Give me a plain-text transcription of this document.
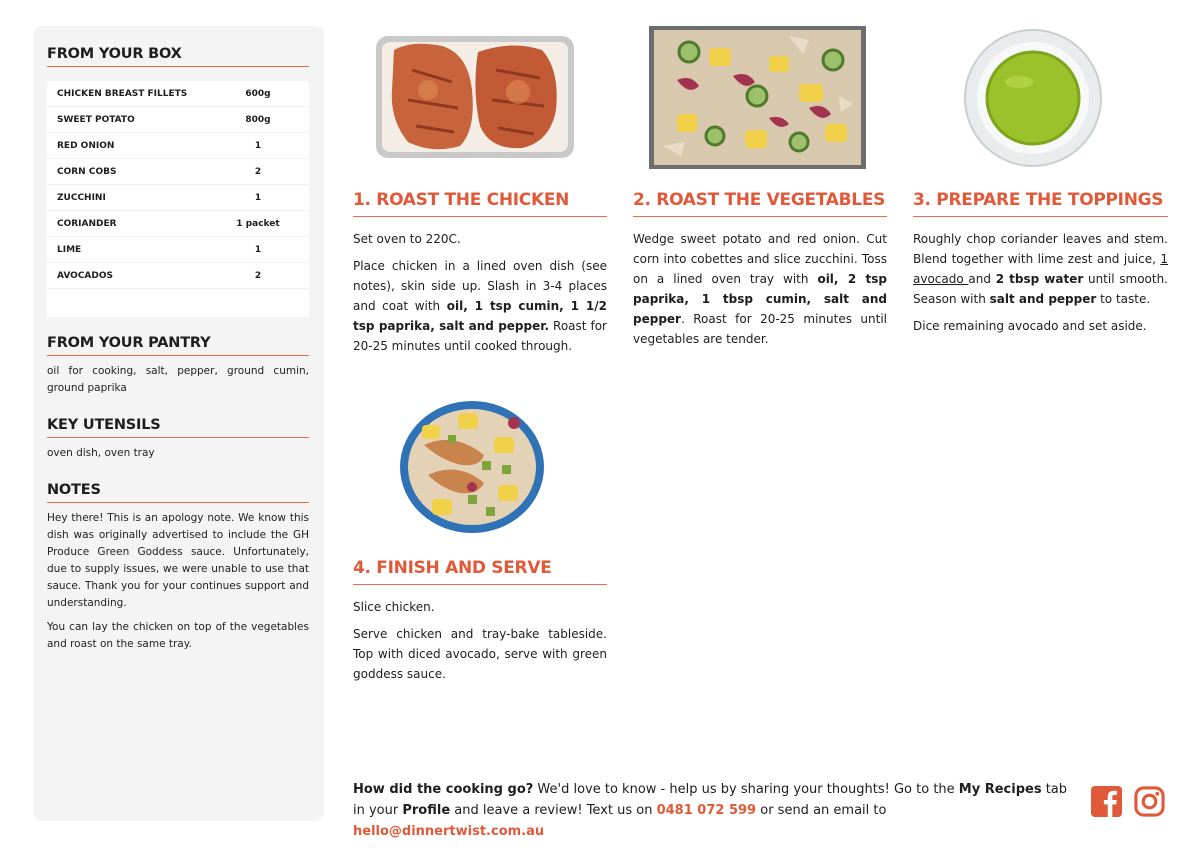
FROM YOUR BOX
CHICKEN BREAST FILLETS	600g
SWEET POTATO	800g
RED ONION	1
CORN COBS	2
ZUCCHINI	1
CORIANDER	1 packet
LIME	1
AVOCADOS	2
FROM YOUR PANTRY

oil for cooking, salt, pepper, ground cumin, ground paprika

KEY UTENSILS

oven dish, oven tray

NOTES

Hey there! This is an apology note. We know this dish was originally advertised to include the GH Produce Green Goddess sauce. Unfortunately, due to supply issues, we were unable to use that sauce. Thank you for your continues support and understanding.

You can lay the chicken on top of the vegetables and roast on the same tray.

1. ROAST THE CHICKEN

Set oven to 220C.

Place chicken in a lined oven dish (see notes), skin side up. Slash in 3-4 places and coat with oil, 1 tsp cumin, 1 1/2 tsp paprika, salt and pepper. Roast for 20-25 minutes until cooked through.

2. ROAST THE VEGETABLES

Wedge sweet potato and red onion. Cut corn into cobettes and slice zucchini. Toss on a lined oven tray with oil, 2 tsp paprika, 1 tbsp cumin, salt and pepper. Roast for 20-25 minutes until vegetables are tender.

3. PREPARE THE TOPPINGS

Roughly chop coriander leaves and stem. Blend together with lime zest and juice, 1 avocado and 2 tbsp water until smooth. Season with salt and pepper to taste.

Dice remaining avocado and set aside.

4. FINISH AND SERVE

Slice chicken.

Serve chicken and tray-bake tableside. Top with diced avocado, serve with green goddess sauce.

How did the cooking go? We'd love to know - help us by sharing your thoughts! Go to the My Recipes tab in your Profile and leave a review! Text us on 0481 072 599 or send an email to hello@dinnertwist.com.au
